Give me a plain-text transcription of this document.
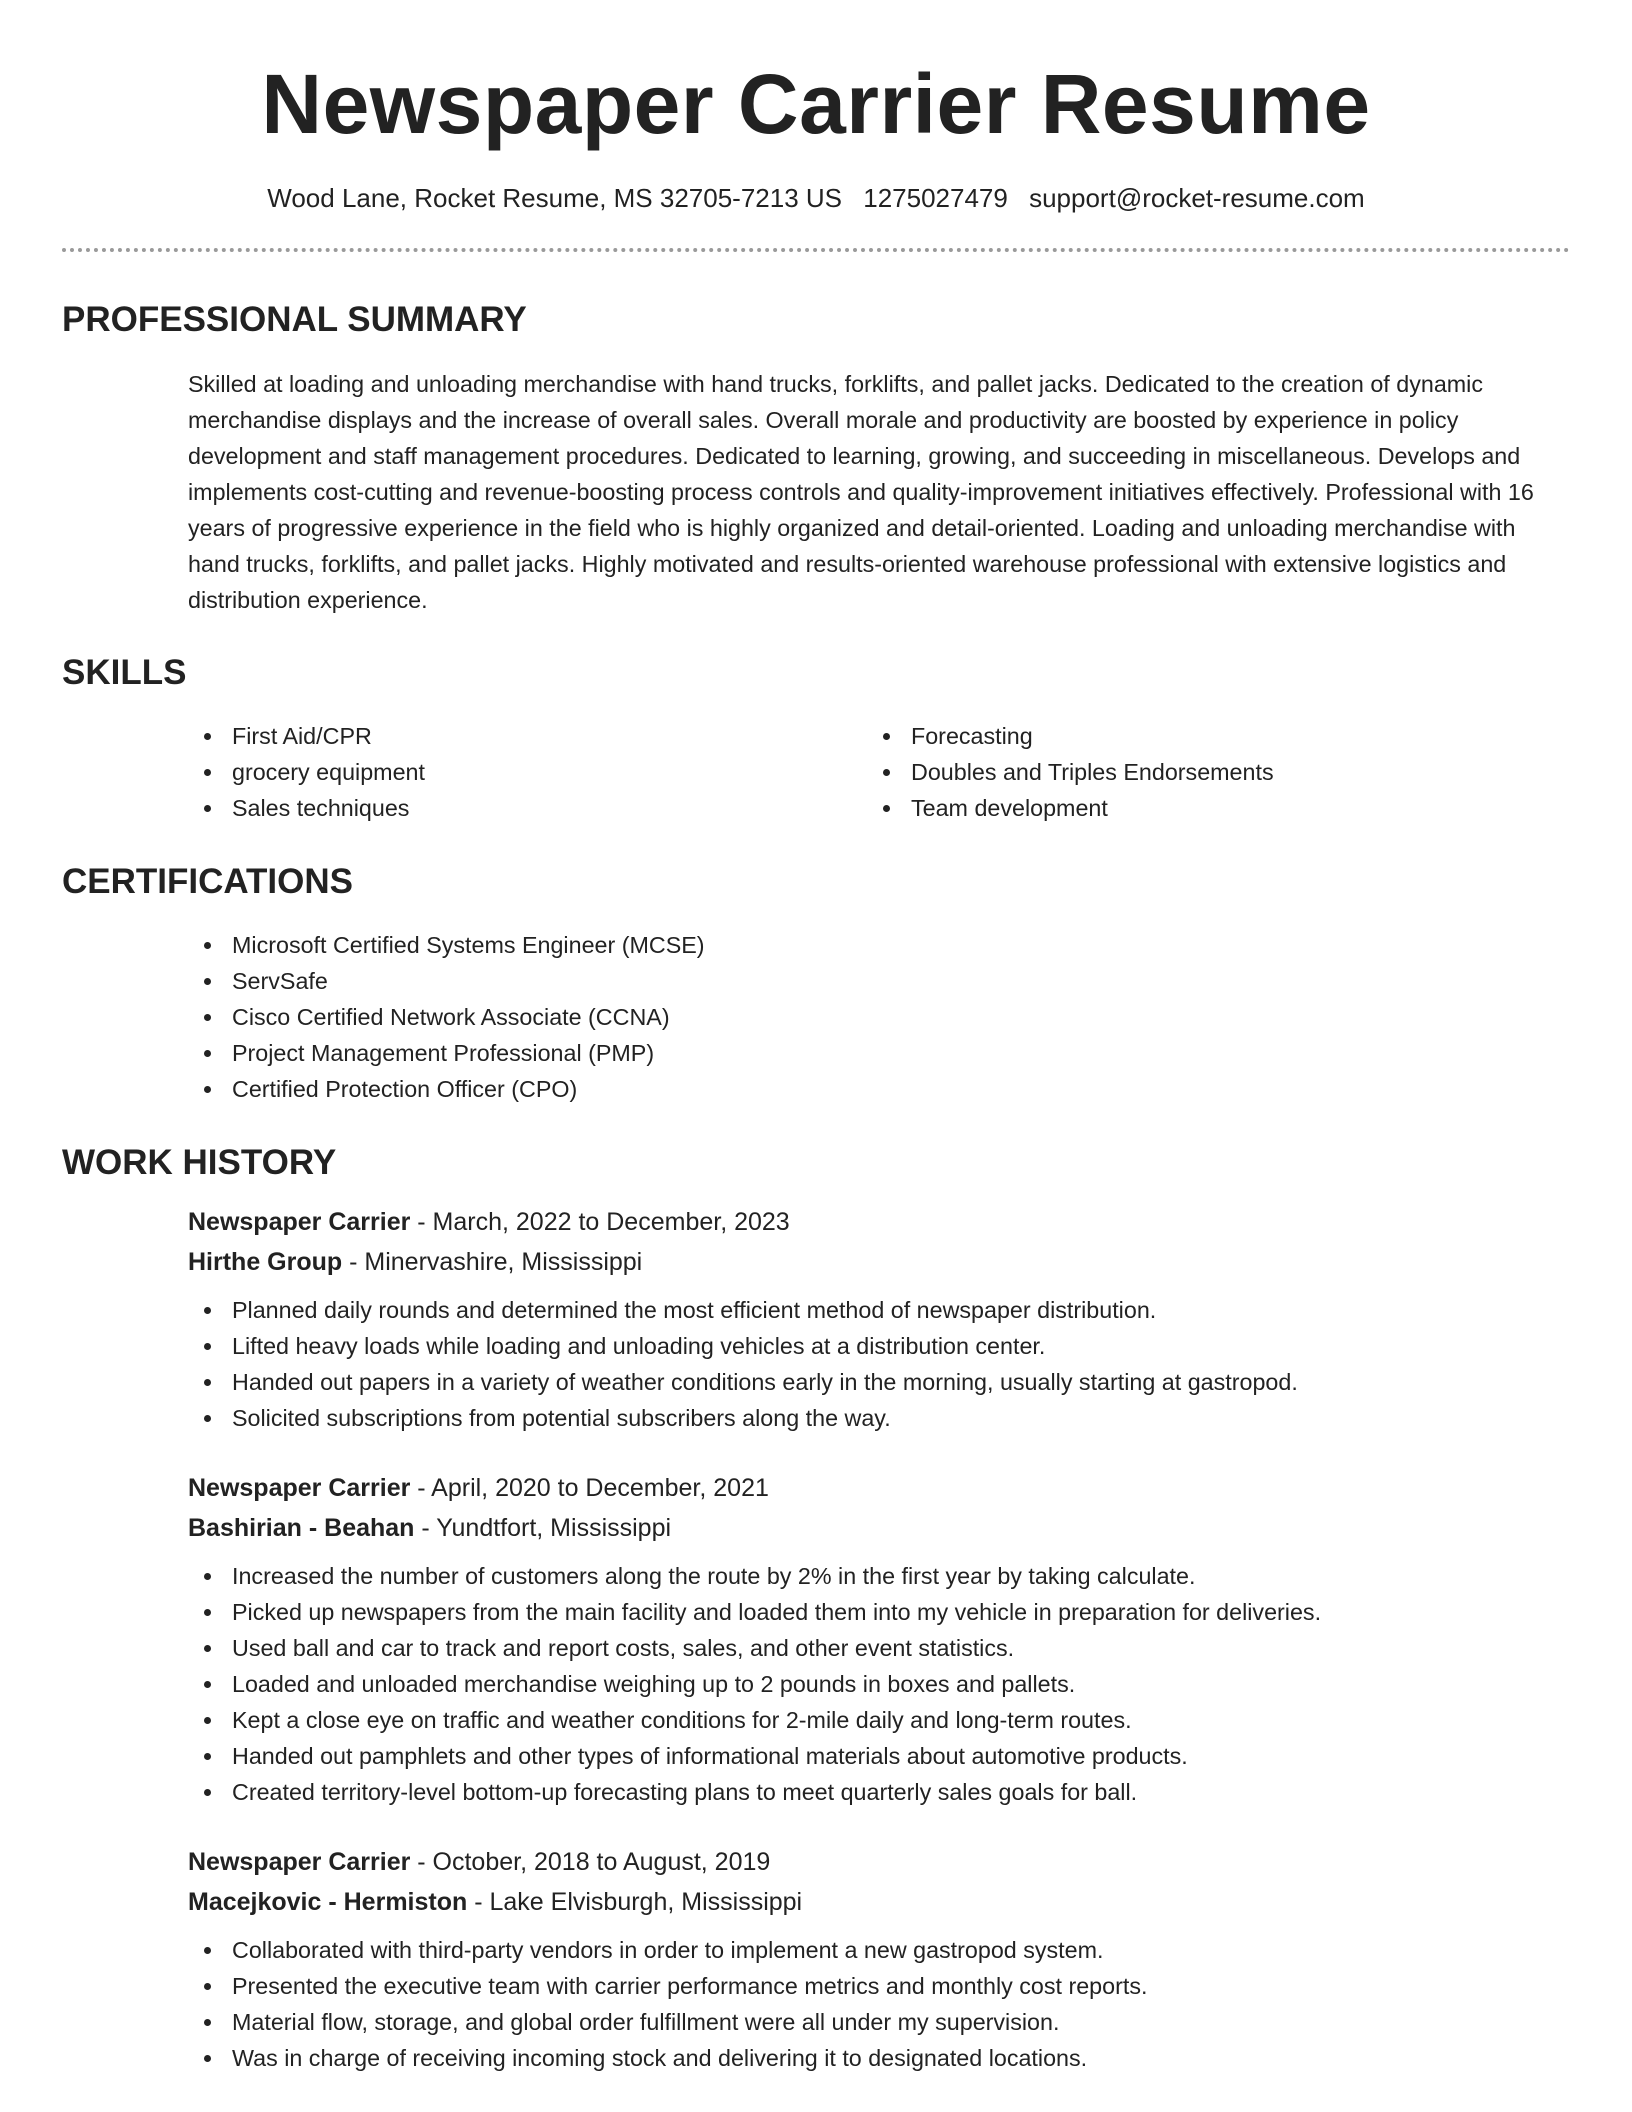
Newspaper Carrier Resume
Wood Lane, Rocket Resume, MS 32705-7213 US 1275027479 support@rocket-resume.com
PROFESSIONAL SUMMARY

Skilled at loading and unloading merchandise with hand trucks, forklifts, and pallet jacks. Dedicated to the creation of dynamic merchandise displays and the increase of overall sales. Overall morale and productivity are boosted by experience in policy development and staff management procedures. Dedicated to learning, growing, and succeeding in miscellaneous. Develops and implements cost-cutting and revenue-boosting process controls and quality-improvement initiatives effectively. Professional with 16 years of progressive experience in the field who is highly organized and detail-oriented. Loading and unloading merchandise with hand trucks, forklifts, and pallet jacks. Highly motivated and results-oriented warehouse professional with extensive logistics and distribution experience.

SKILLS
First Aid/CPR
grocery equipment
Sales techniques
Forecasting
Doubles and Triples Endorsements
Team development
CERTIFICATIONS
Microsoft Certified Systems Engineer (MCSE)
ServSafe
Cisco Certified Network Associate (CCNA)
Project Management Professional (PMP)
Certified Protection Officer (CPO)
WORK HISTORY
Newspaper Carrier - March, 2022 to December, 2023
Hirthe Group - Minervashire, Mississippi
Planned daily rounds and determined the most efficient method of newspaper distribution.
Lifted heavy loads while loading and unloading vehicles at a distribution center.
Handed out papers in a variety of weather conditions early in the morning, usually starting at gastropod.
Solicited subscriptions from potential subscribers along the way.
Newspaper Carrier - April, 2020 to December, 2021
Bashirian - Beahan - Yundtfort, Mississippi
Increased the number of customers along the route by 2% in the first year by taking calculate.
Picked up newspapers from the main facility and loaded them into my vehicle in preparation for deliveries.
Used ball and car to track and report costs, sales, and other event statistics.
Loaded and unloaded merchandise weighing up to 2 pounds in boxes and pallets.
Kept a close eye on traffic and weather conditions for 2-mile daily and long-term routes.
Handed out pamphlets and other types of informational materials about automotive products.
Created territory-level bottom-up forecasting plans to meet quarterly sales goals for ball.
Newspaper Carrier - October, 2018 to August, 2019
Macejkovic - Hermiston - Lake Elvisburgh, Mississippi
Collaborated with third-party vendors in order to implement a new gastropod system.
Presented the executive team with carrier performance metrics and monthly cost reports.
Material flow, storage, and global order fulfillment were all under my supervision.
Was in charge of receiving incoming stock and delivering it to designated locations.
